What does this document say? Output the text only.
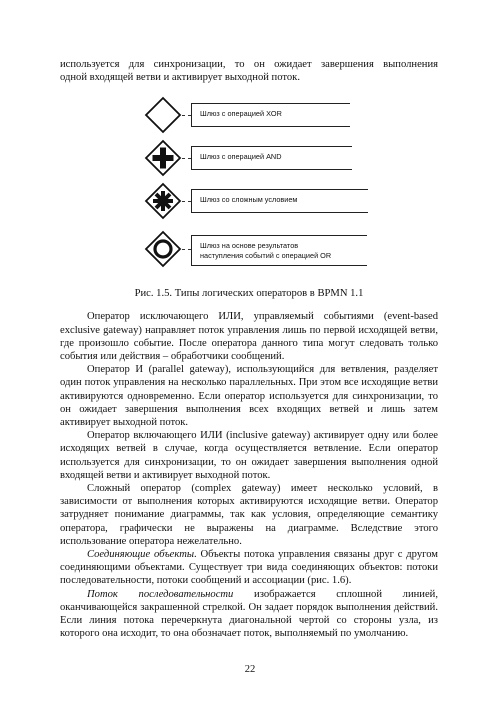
используется для синхронизации, то он ожидает завершения выполнения

одной входящей ветви и активирует выходной поток.

Шлюз с операцией XOR
Шлюз с операцией AND
Шлюз со сложным условием
Шлюз на основе результатов
наступления событий с операцией OR
Рис. 1.5. Типы логических операторов в BPMN 1.1

Оператор исключающего ИЛИ, управляемый событиями (event-based exclusive gateway) направляет поток управления лишь по первой исходящей ветви, где произошло событие. После оператора данного типа могут следовать только события или действия – обработчики сообщений.

Оператор И (parallel gateway), использующийся для ветвления, разделяет один поток управления на несколько параллельных. При этом все исходящие ветви активируются одновременно. Если оператор используется для синхронизации, то он ожидает завершения выполнения всех входящих ветвей и лишь затем активирует выходной поток.

Оператор включающего ИЛИ (inclusive gateway) активирует одну или более исходящих ветвей в случае, когда осуществляется ветвление. Если оператор используется для синхронизации, то он ожидает завершения выполнения одной входящей ветви и активирует выходной поток.

Сложный оператор (complex gateway) имеет несколько условий, в зависимости от выполнения которых активируются исходящие ветви. Оператор затрудняет понимание диаграммы, так как условия, определяющие семантику оператора, графически не выражены на диаграмме. Вследствие этого использование оператора нежелательно.

Соединяющие объекты. Объекты потока управления связаны друг с другом соединяющими объектами. Существует три вида соединяющих объектов: потоки последовательности, потоки сообщений и ассоциации (рис. 1.6).

Поток последовательности изображается сплошной линией, оканчивающейся закрашенной стрелкой. Он задает порядок выполнения действий. Если линия потока перечеркнута диагональной чертой со стороны узла, из которого она исходит, то она обозначает поток, выполняемый по умолчанию.

22
